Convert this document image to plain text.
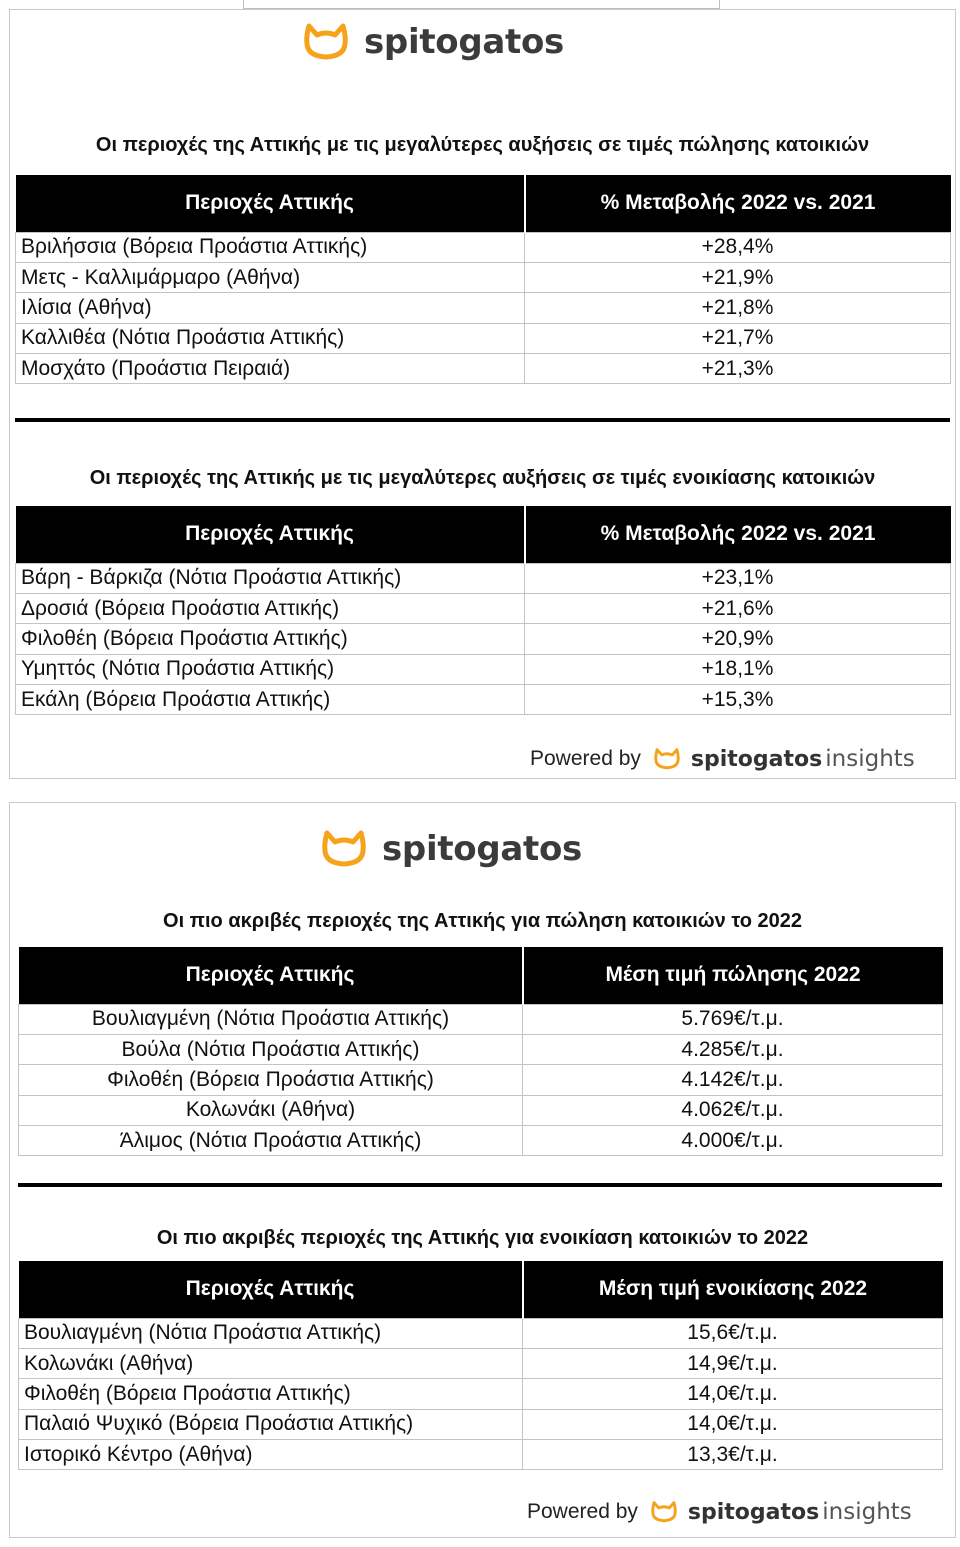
spitogatos
Οι περιοχές της Αττικής με τις μεγαλύτερες αυξήσεις σε τιμές πώλησης κατοικιών
Περιοχές Αττικής	% Μεταβολής 2022 vs. 2021
Βριλήσσια (Βόρεια Προάστια Αττικής)	+28,4%
Μετς - Καλλιμάρμαρο (Αθήνα)	+21,9%
Ιλίσια (Αθήνα)	+21,8%
Καλλιθέα (Νότια Προάστια Αττικής)	+21,7%
Μοσχάτο (Προάστια Πειραιά)	+21,3%
Οι περιοχές της Αττικής με τις μεγαλύτερες αυξήσεις σε τιμές ενοικίασης κατοικιών
Περιοχές Αττικής	% Μεταβολής 2022 vs. 2021
Βάρη - Βάρκιζα (Νότια Προάστια Αττικής)	+23,1%
Δροσιά (Βόρεια Προάστια Αττικής)	+21,6%
Φιλοθέη (Βόρεια Προάστια Αττικής)	+20,9%
Υμηττός (Νότια Προάστια Αττικής)	+18,1%
Εκάλη (Βόρεια Προάστια Αττικής)	+15,3%
Powered by spitogatos insights
spitogatos
Οι πιο ακριβές περιοχές της Αττικής για πώληση κατοικιών το 2022
Περιοχές Αττικής	Μέση τιμή πώλησης 2022
Βουλιαγμένη (Νότια Προάστια Αττικής)	5.769€/τ.μ.
Βούλα (Νότια Προάστια Αττικής)	4.285€/τ.μ.
Φιλοθέη (Βόρεια Προάστια Αττικής)	4.142€/τ.μ.
Κολωνάκι (Αθήνα)	4.062€/τ.μ.
Άλιμος (Νότια Προάστια Αττικής)	4.000€/τ.μ.
Οι πιο ακριβές περιοχές της Αττικής για ενοικίαση κατοικιών το 2022
Περιοχές Αττικής	Μέση τιμή ενοικίασης 2022
Βουλιαγμένη (Νότια Προάστια Αττικής)	15,6€/τ.μ.
Κολωνάκι (Αθήνα)	14,9€/τ.μ.
Φιλοθέη (Βόρεια Προάστια Αττικής)	14,0€/τ.μ.
Παλαιό Ψυχικό (Βόρεια Προάστια Αττικής)	14,0€/τ.μ.
Ιστορικό Κέντρο (Αθήνα)	13,3€/τ.μ.
Powered by spitogatos insights
